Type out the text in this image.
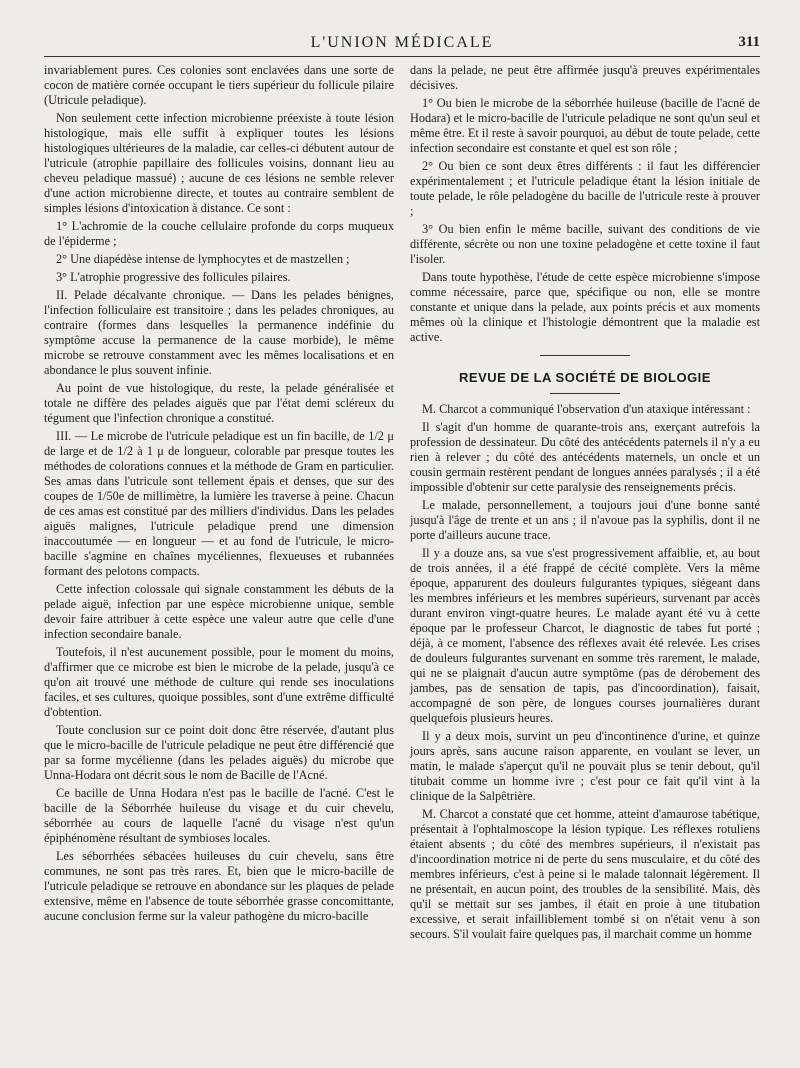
L'UNION MÉDICALE	311

invariablement pures. Ces colonies sont enclavées dans une sorte de cocon de matière cornée occupant le tiers supérieur du follicule pilaire (Utricule peladique).

Non seulement cette infection microbienne préexiste à toute lésion histologique, mais elle suffit à expliquer toutes les lésions histologiques ultérieures de la maladie, car celles-ci débutent autour de l'utricule (atrophie papillaire des follicules voisins, donnant lieu au cheveu peladique massué) ; aucune de ces lésions ne semble relever d'une action microbienne directe, et toutes au contraire semblent de simples lésions d'intoxication à distance. Ce sont :

1° L'achromie de la couche cellulaire profonde du corps muqueux de l'épiderme ;

2° Une diapédèse intense de lymphocytes et de mastzellen ;

3° L'atrophie progressive des follicules pilaires.

II. Pelade décalvante chronique. — Dans les pelades bénignes, l'infection folliculaire est transitoire ; dans les pelades chroniques, au contraire (formes dans lesquelles la permanence indéfinie du symptôme accuse la permanence de la cause morbide), le même microbe se retrouve constamment avec les mêmes localisations et en abondance le plus souvent infinie.

Au point de vue histologique, du reste, la pelade généralisée et totale ne diffère des pelades aiguës que par l'état demi scléreux du tégument que l'infection chronique a constitué.

III. — Le microbe de l'utricule peladique est un fin bacille, de 1/2 μ de large et de 1/2 à 1 μ de longueur, colorable par presque toutes les méthodes de colorations connues et la méthode de Gram en particulier. Ses amas dans l'utricule sont tellement épais et denses, que sur des coupes de 1/50e de millimètre, la lumière les traverse à peine. Chacun de ces amas est constitué par des milliers d'individus. Dans les pelades aiguës malignes, l'utricule peladique prend une dimension inaccoutumée — en longueur — et au fond de l'utricule, le micro-bacille s'agmine en chaînes mycéliennes, flexueuses et rubannées formant des pelotons compacts.

Cette infection colossale qui signale constamment les débuts de la pelade aiguë, infection par une espèce microbienne unique, semble devoir faire attribuer à cette espèce une valeur autre que celle d'une infection secondaire banale.

Toutefois, il n'est aucunement possible, pour le moment du moins, d'affirmer que ce microbe est bien le microbe de la pelade, jusqu'à ce qu'on ait trouvé une méthode de culture qui rende ses inoculations faciles, et ses cultures, quoique possibles, sont d'une extrême difficulté d'obtention.

Toute conclusion sur ce point doit donc être réservée, d'autant plus que le micro-bacille de l'utricule peladique ne peut être différencié que par sa forme mycélienne (dans les pelades aiguës) du microbe que Unna-Hodara ont décrit sous le nom de Bacille de l'Acné.

Ce bacille de Unna Hodara n'est pas le bacille de l'acné. C'est le bacille de la Séborrhée huileuse du visage et du cuir chevelu, séborrhée au cours de laquelle l'acné du visage n'est qu'un épiphénomène résultant de symbioses locales.

Les séborrhées sébacées huileuses du cuir chevelu, sans être communes, ne sont pas très rares. Et, bien que le micro-bacille de l'utricule peladique se retrouve en abondance sur les plaques de pelade extensive, même en l'absence de toute séborrhée grasse concomittante, aucune conclusion ferme sur la valeur pathogène du micro-bacille

dans la pelade, ne peut être affirmée jusqu'à preuves expérimentales décisives.

1° Ou bien le microbe de la séborrhée huileuse (bacille de l'acné de Hodara) et le micro-bacille de l'utricule peladique ne sont qu'un seul et même être. Et il reste à savoir pourquoi, au début de toute pelade, cette infection secondaire est constante et quel est son rôle ;

2° Ou bien ce sont deux êtres différents : il faut les différencier expérimentalement ; et l'utricule peladique étant la lésion initiale de toute pelade, le rôle peladogène du bacille de l'utricule reste à prouver ;

3° Ou bien enfin le même bacille, suivant des conditions de vie différente, sécrète ou non une toxine peladogène et cette toxine il faut l'isoler.

Dans toute hypothèse, l'étude de cette espèce microbienne s'impose comme nécessaire, parce que, spécifique ou non, elle se montre constante et unique dans la pelade, aux points précis et aux moments mêmes où la clinique et l'histologie démontrent que la maladie est active.

REVUE DE LA SOCIÉTÉ DE BIOLOGIE

M. Charcot a communiqué l'observation d'un ataxique intéressant :

Il s'agit d'un homme de quarante-trois ans, exerçant autrefois la profession de dessinateur. Du côté des antécédents paternels il n'y a eu rien à relever ; du côté des antécédents maternels, un oncle et un cousin germain restèrent pendant de longues années paralysés ; il a été impossible d'obtenir sur cette paralysie des renseignements précis.

Le malade, personnellement, a toujours joui d'une bonne santé jusqu'à l'âge de trente et un ans ; il n'avoue pas la syphilis, dont il ne porte d'ailleurs aucune trace.

Il y a douze ans, sa vue s'est progressivement affaiblie, et, au bout de trois années, il a été frappé de cécité complète. Vers la même époque, apparurent des douleurs fulgurantes typiques, siégeant dans les membres inférieurs et les membres supérieurs, survenant par accès durant environ vingt-quatre heures. Le malade ayant été vu à cette époque par le professeur Charcot, le diagnostic de tabes fut porté ; déjà, à ce moment, l'absence des réflexes avait été relevée. Les crises de douleurs fulgurantes survenant en somme très rarement, le malade, qui ne se plaignait d'aucun autre symptôme (pas de dérobement des jambes, pas de sensation de tapis, pas d'incoordination), faisait, accompagné de son père, de longues courses journalières durant quelquefois plusieurs heures.

Il y a deux mois, survint un peu d'incontinence d'urine, et quinze jours après, sans aucune raison apparente, en voulant se lever, un matin, le malade s'aperçut qu'il ne pouvait plus se tenir debout, qu'il titubait comme un homme ivre ; c'est pour ce fait qu'il vint à la clinique de la Salpêtrière.

M. Charcot a constaté que cet homme, atteint d'amaurose tabétique, présentait à l'ophtalmoscope la lésion typique. Les réflexes rotuliens étaient absents ; du côté des membres supérieurs, il n'existait pas d'incoordination motrice ni de perte du sens musculaire, et du côté des membres inférieurs, c'est à peine si le malade talonnait légèrement. Il ne présentait, en aucun point, des troubles de la sensibilité. Mais, dès qu'il se mettait sur ses jambes, il était en proie à une titubation excessive, et serait infailliblement tombé si on n'était venu à son secours. S'il voulait faire quelques pas, il marchait comme un homme
